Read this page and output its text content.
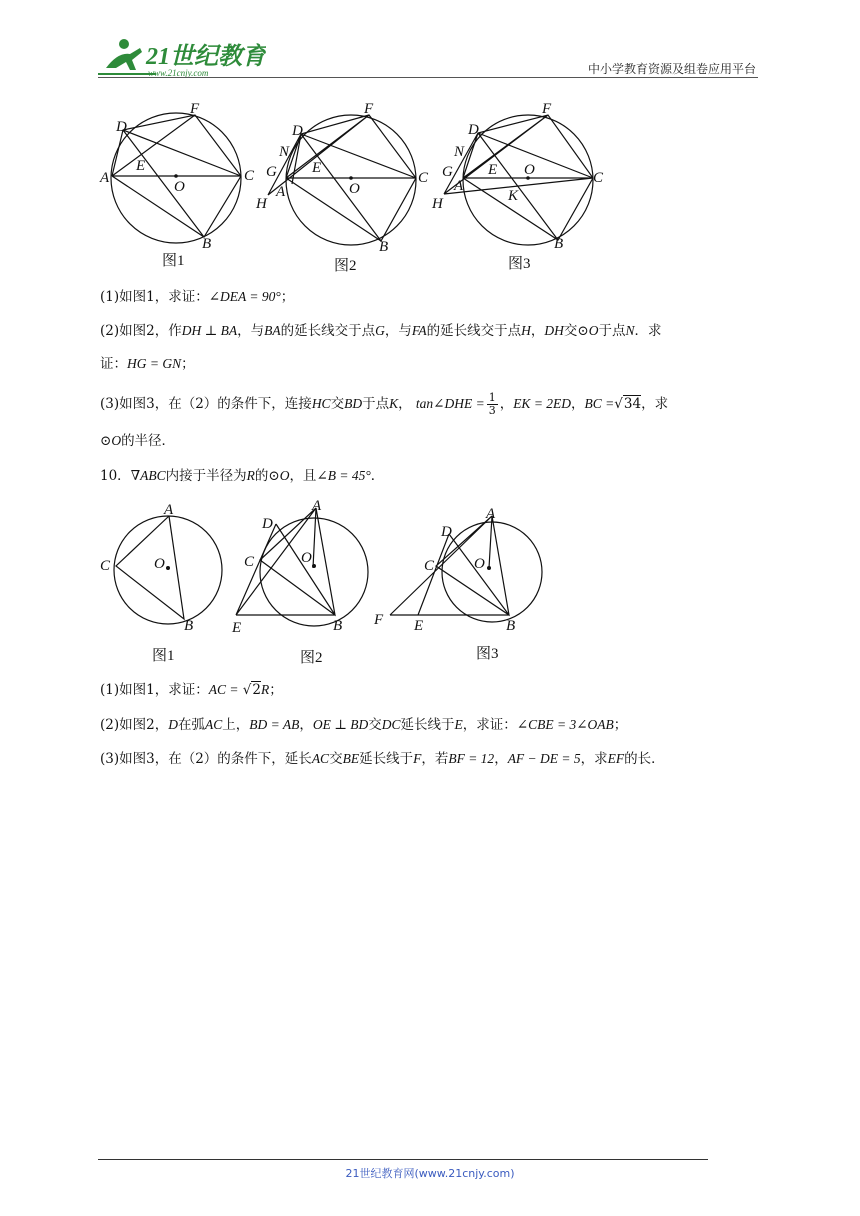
21世纪教育
www.21cnjy.com	中小学教育资源及组卷应用平台
A
D
F
C
B
E
O
D
N
G
A
H
F
C
B
E
O
D
N
G
A
H
F
C
B
E O
K
图1	图2	图3
(1)如图1，求证：∠DEA = 90°；
(2)如图2，作DH ⊥ BA，与BA的延长线交于点G，与FA的延长线交于点H，DH交⊙O于点N．求
证：HG = GN；
(3)如图3，在（2）的条件下，连接HC交BD于点K， tan∠DHE = $\frac{1}{3}$ ，EK = 2ED，BC =√34，求
⊙O的半径．
10．∇ABC内接于半径为R的⊙O，且∠B = 45°．
A
C	O
B
A
D
C	O
E	B
A
D
C	O
F E	B
图1	图2	图3
(1)如图1，求证：AC = √2R；
(2)如图2，D在弧AC上，BD = AB，OE ⊥ BD交DC延长线于E，求证：∠CBE = 3∠OAB；
(3)如图3，在（2）的条件下，延长AC交BE延长线于F，若BF = 12，AF − DE = 5，求EF的长．
21世纪教育网(www.21cnjy.com)
